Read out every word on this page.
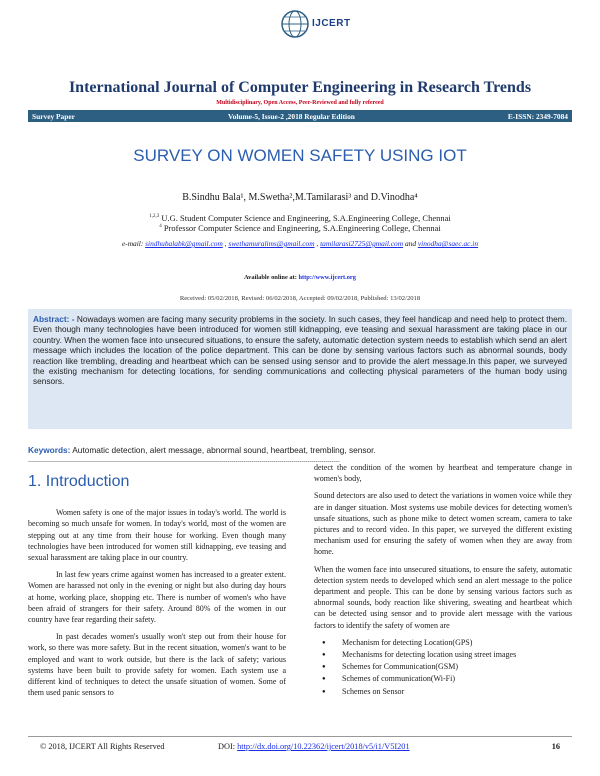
IJCERT
International Journal of Computer Engineering in Research Trends
Multidisciplinary, Open Access, Peer-Reviewed and fully refereed
Survey Paper	Volume-5, Issue-2 ,2018 Regular Edition	E-ISSN: 2349-7084
SURVEY ON WOMEN SAFETY USING IOT
B.Sindhu Bala¹, M.Swetha²,M.Tamilarasi³ and D.Vinodha⁴
$^{1,2,3}$ U.G. Student Computer Science and Engineering, S.A.Engineering College, Chennai
$^4$ Professor Computer Science and Engineering, S.A.Engineering College, Chennai
e-mail: sindhubalabk@gmail.com , swethamuralims@gmail.com , tamilarasi2725@gmail.com and vinodha@saec.ac.in
Available online at: http://www.ijcert.org
Received: 05/02/2018, Revised: 06/02/2018, Accepted: 09/02/2018, Published: 13/02/2018
Abstract: - Nowadays women are facing many security problems in the society. In such cases, they feel handicap and need help to protect them. Even though many technologies have been introduced for women still kidnapping, eve teasing and sexual harassment are taking place in our country. When the women face into unsecured situations, to ensure the safety, automatic detection system needs to establish which send an alert message which includes the location of the police department. This can be done by sensing various factors such as abnormal sounds, body reaction like trembling, dreading and heartbeat which can be sensed using sensor and to provide the alert message.In this paper, we surveyed the existing mechanism for detecting locations, for sending communications and collecting physical parameters of the human body using sensors.
Keywords: Automatic detection, alert message, abnormal sound, heartbeat, trembling, sensor.
------------------------------------------------------------------------------------------------------------------------------------------------------------
1. Introduction

Women safety is one of the major issues in today's world. The world is becoming so much unsafe for women. In today's world, most of the women are stepping out at any time from their house for working. Even though many technologies have been introduced for women still kidnapping, eve teasing and sexual harassment are taking place in our country.

In last few years crime against women has increased to a greater extent. Women are harassed not only in the evening or night but also during day hours at home, working place, shopping etc. There is number of women's who have been afraid of strangers for their safety. Around 80% of the women in our country have fear regarding their safety.

In past decades women's usually won't step out from their house for work, so there was more safety. But in the recent situation, women's want to be employed and want to work outside, but there is the lack of safety; various systems have been built to provide safety for women. Each system use a different kind of techniques to detect the unsafe situation of women. Some of them used panic sensors to

detect the condition of the women by heartbeat and temperature change in women's body,

Sound detectors are also used to detect the variations in women voice while they are in danger situation. Most systems use mobile devices for detecting women's unsafe situations, such as phone mike to detect women scream, camera to take pictures and to record video. In this paper, we surveyed the different existing mechanism used for ensuring the safety of women when they are away from home.

When the women face into unsecured situations, to ensure the safety, automatic detection system needs to developed which send an alert message to the police department and people. This can be done by sensing various factors such as abnormal sounds, body reaction like shivering, sweating and heartbeat which can be detected using sensor and to provide alert message with the various factors to identify the safety of women are

● Mechanism for detecting Location(GPS)
● Mechanisms for detecting location using street images
● Schemes for Communication(GSM)
● Schemes of communication(Wi-Fi)
● Schemes on Sensor
© 2018, IJCERT All Rights Reserved	DOI: http://dx.doi.org/10.22362/ijcert/2018/v5/i1/V5I201	16
